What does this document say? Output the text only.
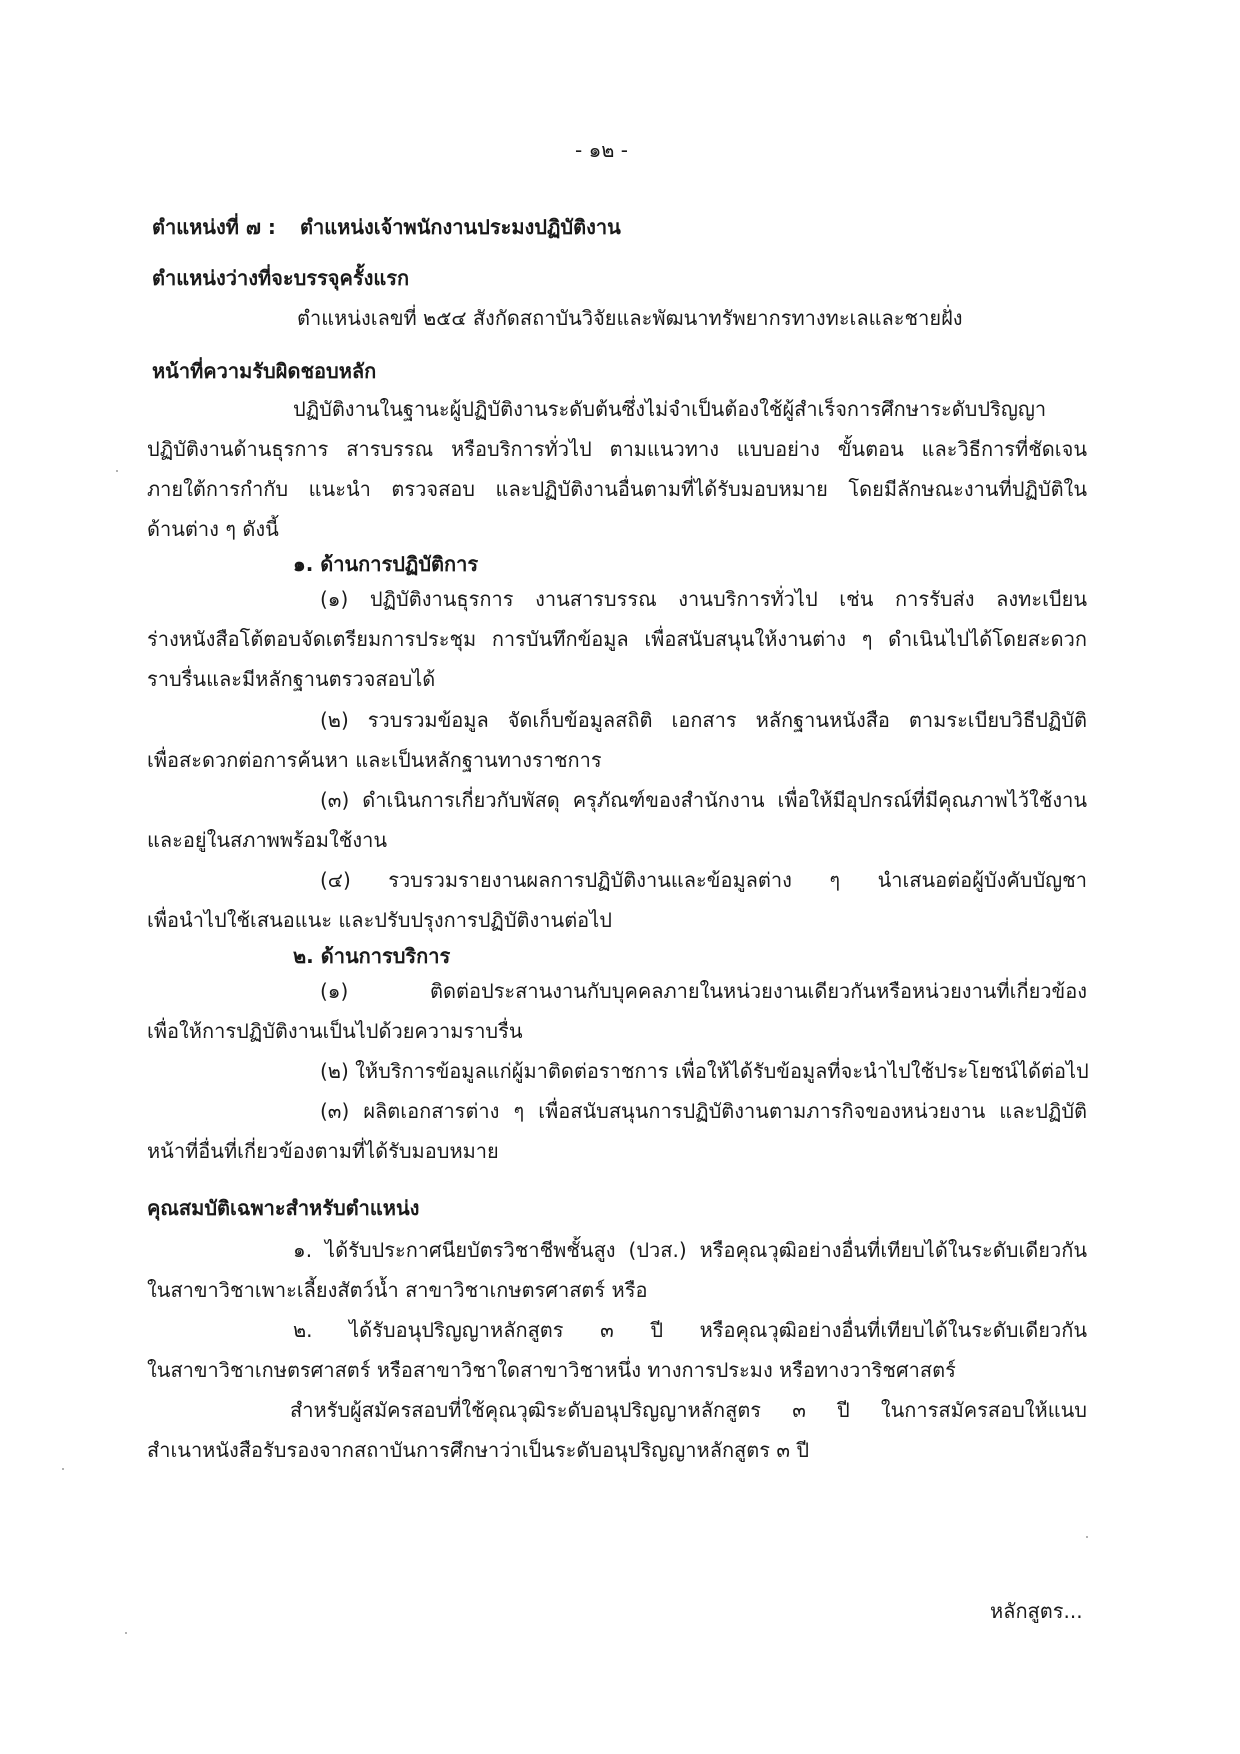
- ๑๒ -
ตำแหน่งที่ ๗ : ตำแหน่งเจ้าพนักงานประมงปฏิบัติงาน
ตำแหน่งว่างที่จะบรรจุครั้งแรก
ตำแหน่งเลขที่ ๒๕๔ สังกัดสถาบันวิจัยและพัฒนาทรัพยากรทางทะเลและชายฝั่ง
หน้าที่ความรับผิดชอบหลัก
ปฏิบัติงานในฐานะผู้ปฏิบัติงานระดับต้นซึ่งไม่จำเป็นต้องใช้ผู้สำเร็จการศึกษาระดับปริญญา
ปฏิบัติงานด้านธุรการ สารบรรณ หรือบริการทั่วไป ตามแนวทาง แบบอย่าง ขั้นตอน และวิธีการที่ชัดเจน
ภายใต้การกำกับ แนะนำ ตรวจสอบ และปฏิบัติงานอื่นตามที่ได้รับมอบหมาย โดยมีลักษณะงานที่ปฏิบัติใน
ด้านต่าง ๆ ดังนี้
๑. ด้านการปฏิบัติการ
(๑) ปฏิบัติงานธุรการ งานสารบรรณ งานบริการทั่วไป เช่น การรับส่ง ลงทะเบียน
ร่างหนังสือโต้ตอบจัดเตรียมการประชุม การบันทึกข้อมูล เพื่อสนับสนุนให้งานต่าง ๆ ดำเนินไปได้โดยสะดวก
ราบรื่นและมีหลักฐานตรวจสอบได้
(๒) รวบรวมข้อมูล จัดเก็บข้อมูลสถิติ เอกสาร หลักฐานหนังสือ ตามระเบียบวิธีปฏิบัติ
เพื่อสะดวกต่อการค้นหา และเป็นหลักฐานทางราชการ
(๓) ดำเนินการเกี่ยวกับพัสดุ ครุภัณฑ์ของสำนักงาน เพื่อให้มีอุปกรณ์ที่มีคุณภาพไว้ใช้งาน
และอยู่ในสภาพพร้อมใช้งาน
(๔) รวบรวมรายงานผลการปฏิบัติงานและข้อมูลต่าง ๆ นำเสนอต่อผู้บังคับบัญชา
เพื่อนำไปใช้เสนอแนะ และปรับปรุงการปฏิบัติงานต่อไป
๒. ด้านการบริการ
(๑) ติดต่อประสานงานกับบุคคลภายในหน่วยงานเดียวกันหรือหน่วยงานที่เกี่ยวข้อง
เพื่อให้การปฏิบัติงานเป็นไปด้วยความราบรื่น
(๒) ให้บริการข้อมูลแก่ผู้มาติดต่อราชการ เพื่อให้ได้รับข้อมูลที่จะนำไปใช้ประโยชน์ได้ต่อไป
(๓) ผลิตเอกสารต่าง ๆ เพื่อสนับสนุนการปฏิบัติงานตามภารกิจของหน่วยงาน และปฏิบัติ
หน้าที่อื่นที่เกี่ยวข้องตามที่ได้รับมอบหมาย
คุณสมบัติเฉพาะสำหรับตำแหน่ง
๑. ได้รับประกาศนียบัตรวิชาชีพชั้นสูง (ปวส.) หรือคุณวุฒิอย่างอื่นที่เทียบได้ในระดับเดียวกัน
ในสาขาวิชาเพาะเลี้ยงสัตว์น้ำ สาขาวิชาเกษตรศาสตร์ หรือ
๒. ได้รับอนุปริญญาหลักสูตร ๓ ปี หรือคุณวุฒิอย่างอื่นที่เทียบได้ในระดับเดียวกัน
ในสาขาวิชาเกษตรศาสตร์ หรือสาขาวิชาใดสาขาวิชาหนึ่ง ทางการประมง หรือทางวาริชศาสตร์
สำหรับผู้สมัครสอบที่ใช้คุณวุฒิระดับอนุปริญญาหลักสูตร ๓ ปี ในการสมัครสอบให้แนบ
สำเนาหนังสือรับรองจากสถาบันการศึกษาว่าเป็นระดับอนุปริญญาหลักสูตร ๓ ปี
หลักสูตร...
